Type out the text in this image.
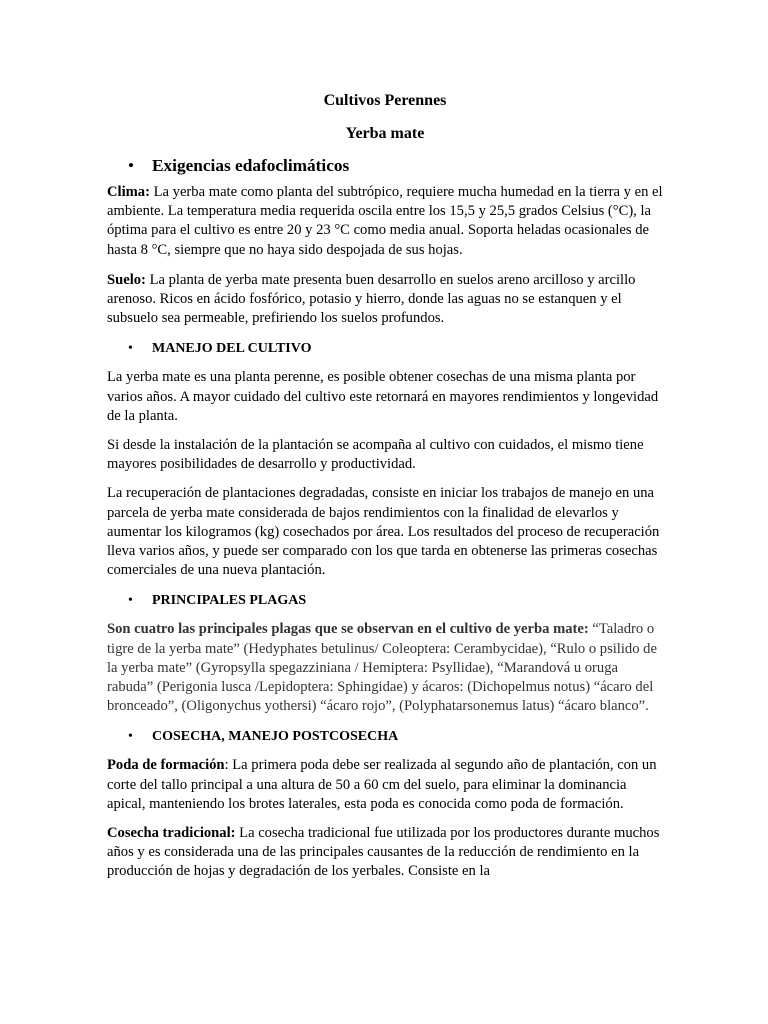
Cultivos Perennes
Yerba mate
• Exigencias edafoclimáticos

Clima: La yerba mate como planta del subtrópico, requiere mucha humedad en la tierra y en el ambiente. La temperatura media requerida oscila entre los 15,5 y 25,5 grados Celsius (°C), la óptima para el cultivo es entre 20 y 23 °C como media anual. Soporta heladas ocasionales de hasta 8 °C, siempre que no haya sido despojada de sus hojas.

Suelo: La planta de yerba mate presenta buen desarrollo en suelos areno arcilloso y arcillo arenoso. Ricos en ácido fosfórico, potasio y hierro, donde las aguas no se estanquen y el subsuelo sea permeable, prefiriendo los suelos profundos.

• MANEJO DEL CULTIVO

La yerba mate es una planta perenne, es posible obtener cosechas de una misma planta por varios años. A mayor cuidado del cultivo este retornará en mayores rendimientos y longevidad de la planta.

Si desde la instalación de la plantación se acompaña al cultivo con cuidados, el mismo tiene mayores posibilidades de desarrollo y productividad.

La recuperación de plantaciones degradadas, consiste en iniciar los trabajos de manejo en una parcela de yerba mate considerada de bajos rendimientos con la finalidad de elevarlos y aumentar los kilogramos (kg) cosechados por área. Los resultados del proceso de recuperación lleva varios años, y puede ser comparado con los que tarda en obtenerse las primeras cosechas comerciales de una nueva plantación.

• PRINCIPALES PLAGAS

Son cuatro las principales plagas que se observan en el cultivo de yerba mate: “Taladro o tigre de la yerba mate” (Hedyphates betulinus/ Coleoptera: Cerambycidae), “Rulo o psilido de la yerba mate” (Gyropsylla spegazziniana / Hemiptera: Psyllidae), “Marandová u oruga rabuda” (Perigonia lusca /Lepidoptera: Sphingidae) y ácaros: (Dichopelmus notus) “ácaro del bronceado”, (Oligonychus yothersi) “ácaro rojo”, (Polyphatarsonemus latus) “ácaro blanco”.

• COSECHA, MANEJO POSTCOSECHA

Poda de formación: La primera poda debe ser realizada al segundo año de plantación, con un corte del tallo principal a una altura de 50 a 60 cm del suelo, para eliminar la dominancia apical, manteniendo los brotes laterales, esta poda es conocida como poda de formación.

Cosecha tradicional: La cosecha tradicional fue utilizada por los productores durante muchos años y es considerada una de las principales causantes de la reducción de rendimiento en la producción de hojas y degradación de los yerbales. Consiste en la
